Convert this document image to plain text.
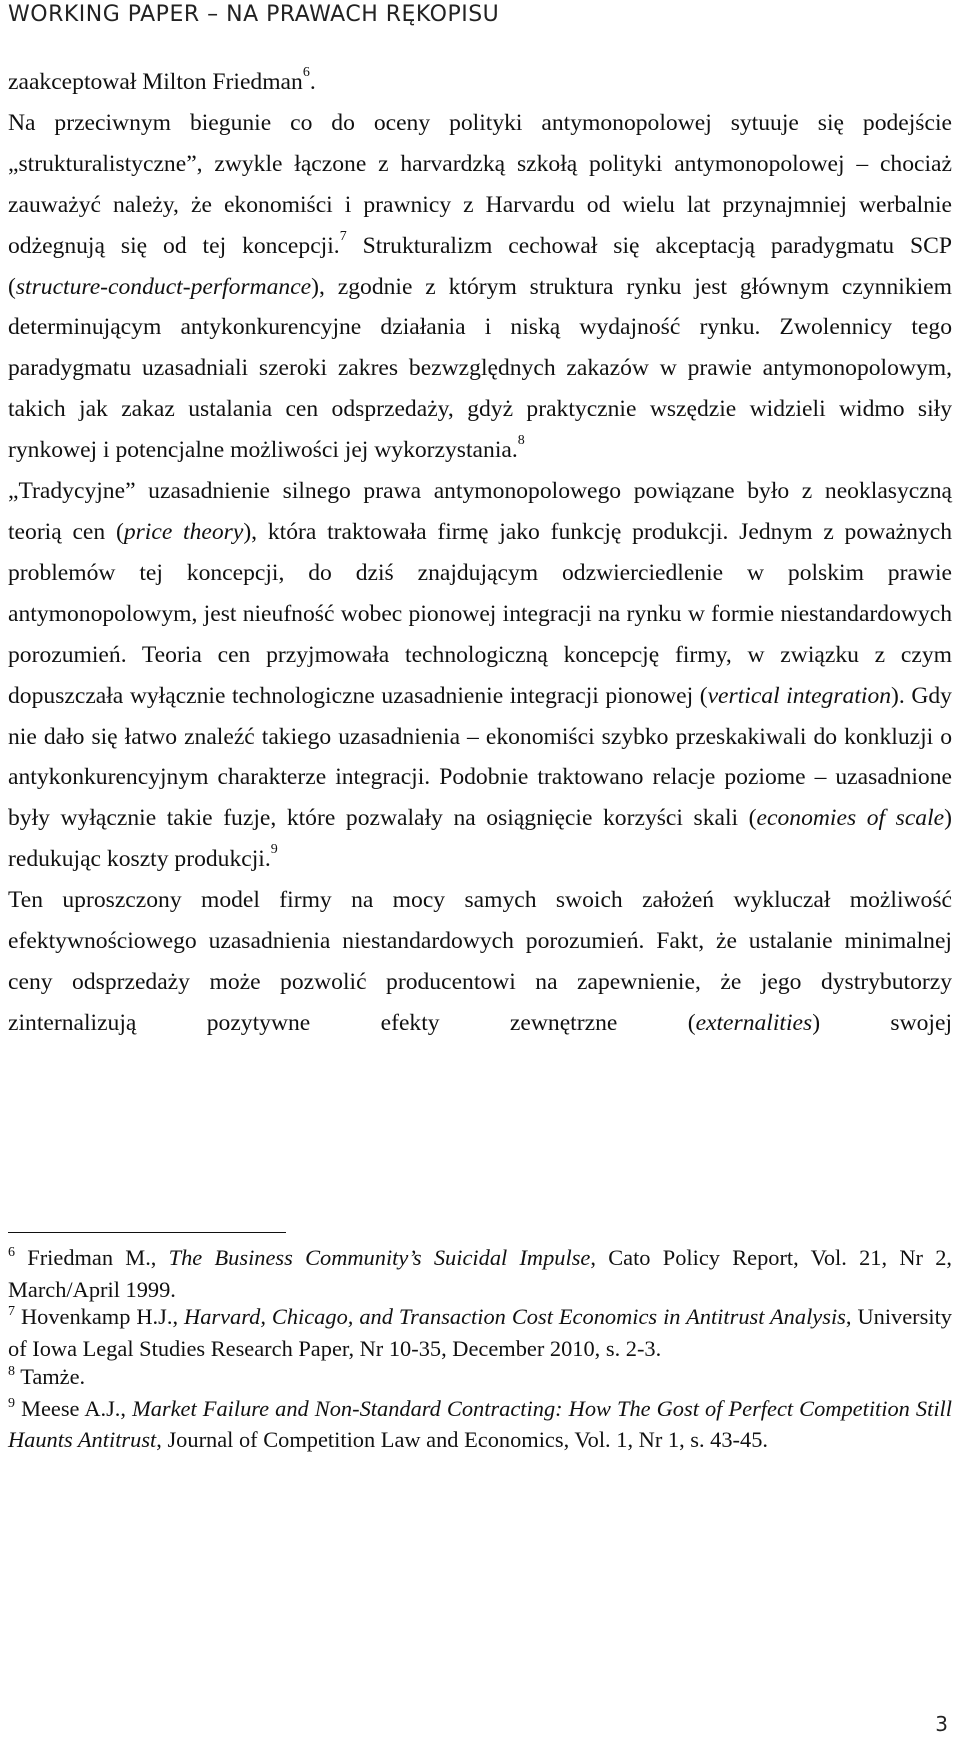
WORKING PAPER – NA PRAWACH RĘKOPISU

zaakceptował Milton Friedman$^6$.

Na przeciwnym biegunie co do oceny polityki antymonopolowej sytuuje się podejście „strukturalistyczne”, zwykle łączone z harvardzką szkołą polityki antymonopolowej – chociaż zauważyć należy, że ekonomiści i prawnicy z Harvardu od wielu lat przynajmniej werbalnie odżegnują się od tej koncepcji.$^7$ Strukturalizm cechował się akceptacją paradygmatu SCP (structure-conduct-performance), zgodnie z którym struktura rynku jest głównym czynnikiem determinującym antykonkurencyjne działania i niską wydajność rynku. Zwolennicy tego paradygmatu uzasadniali szeroki zakres bezwzględnych zakazów w prawie antymonopolowym, takich jak zakaz ustalania cen odsprzedaży, gdyż praktycznie wszędzie widzieli widmo siły rynkowej i potencjalne możliwości jej wykorzystania.$^8$

„Tradycyjne” uzasadnienie silnego prawa antymonopolowego powiązane było z neoklasyczną teorią cen (price theory), która traktowała firmę jako funkcję produkcji. Jednym z poważnych problemów tej koncepcji, do dziś znajdującym odzwierciedlenie w polskim prawie antymonopolowym, jest nieufność wobec pionowej integracji na rynku w formie niestandardowych porozumień. Teoria cen przyjmowała technologiczną koncepcję firmy, w związku z czym dopuszczała wyłącznie technologiczne uzasadnienie integracji pionowej (vertical integration). Gdy nie dało się łatwo znaleźć takiego uzasadnienia – ekonomiści szybko przeskakiwali do konkluzji o antykonkurencyjnym charakterze integracji. Podobnie traktowano relacje poziome – uzasadnione były wyłącznie takie fuzje, które pozwalały na osiągnięcie korzyści skali (economies of scale) redukując koszty produkcji.$^9$

Ten uproszczony model firmy na mocy samych swoich założeń wykluczał możliwość efektywnościowego uzasadnienia niestandardowych porozumień. Fakt, że ustalanie minimalnej ceny odsprzedaży może pozwolić producentowi na zapewnienie, że jego dystrybutorzy zinternalizują pozytywne efekty zewnętrzne (externalities) swojej

$^6$ Friedman M., The Business Community’s Suicidal Impulse, Cato Policy Report, Vol. 21, Nr 2, March/April 1999.

$^7$ Hovenkamp H.J., Harvard, Chicago, and Transaction Cost Economics in Antitrust Analysis, University of Iowa Legal Studies Research Paper, Nr 10-35, December 2010, s. 2-3.

$^8$ Tamże.

$^9$ Meese A.J., Market Failure and Non-Standard Contracting: How The Gost of Perfect Competition Still Haunts Antitrust, Journal of Competition Law and Economics, Vol. 1, Nr 1, s. 43-45.

3
